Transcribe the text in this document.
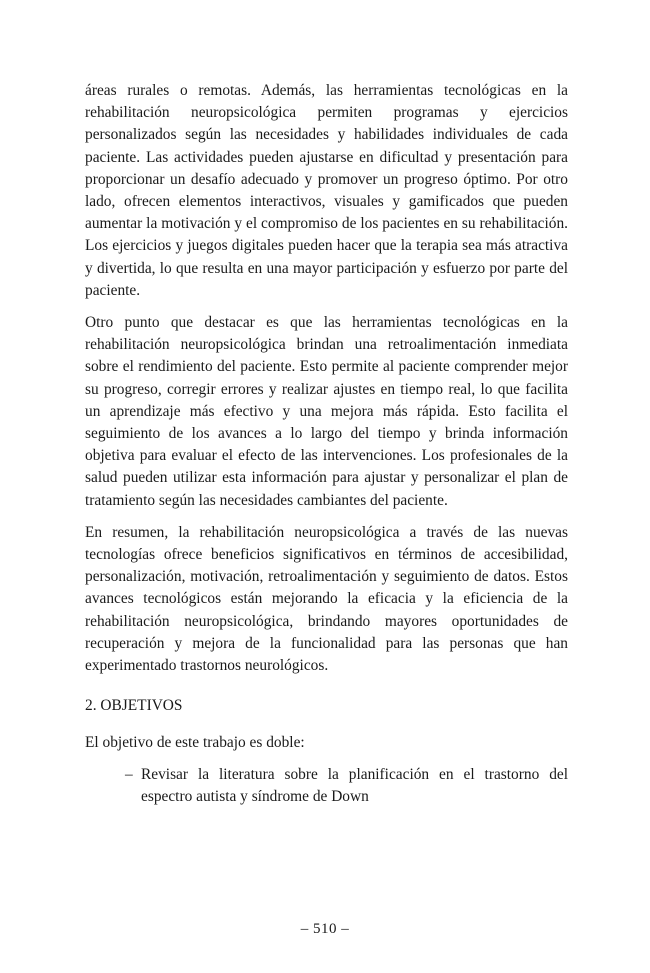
áreas rurales o remotas. Además, las herramientas tecnológicas en la rehabilitación neuropsicológica permiten programas y ejercicios personalizados según las necesidades y habilidades individuales de cada paciente. Las actividades pueden ajustarse en dificultad y presentación para proporcionar un desafío adecuado y promover un progreso óptimo. Por otro lado, ofrecen elementos interactivos, visuales y gamificados que pueden aumentar la motivación y el compromiso de los pacientes en su rehabilitación. Los ejercicios y juegos digitales pueden hacer que la terapia sea más atractiva y divertida, lo que resulta en una mayor participación y esfuerzo por parte del paciente.

Otro punto que destacar es que las herramientas tecnológicas en la rehabilitación neuropsicológica brindan una retroalimentación inmediata sobre el rendimiento del paciente. Esto permite al paciente comprender mejor su progreso, corregir errores y realizar ajustes en tiempo real, lo que facilita un aprendizaje más efectivo y una mejora más rápida. Esto facilita el seguimiento de los avances a lo largo del tiempo y brinda información objetiva para evaluar el efecto de las intervenciones. Los profesionales de la salud pueden utilizar esta información para ajustar y personalizar el plan de tratamiento según las necesidades cambiantes del paciente.

En resumen, la rehabilitación neuropsicológica a través de las nuevas tecnologías ofrece beneficios significativos en términos de accesibilidad, personalización, motivación, retroalimentación y seguimiento de datos. Estos avances tecnológicos están mejorando la eficacia y la eficiencia de la rehabilitación neuropsicológica, brindando mayores oportunidades de recuperación y mejora de la funcionalidad para las personas que han experimentado trastornos neurológicos.

2. OBJETIVOS

El objetivo de este trabajo es doble:

– Revisar la literatura sobre la planificación en el trastorno del espectro autista y síndrome de Down
– 510 –
